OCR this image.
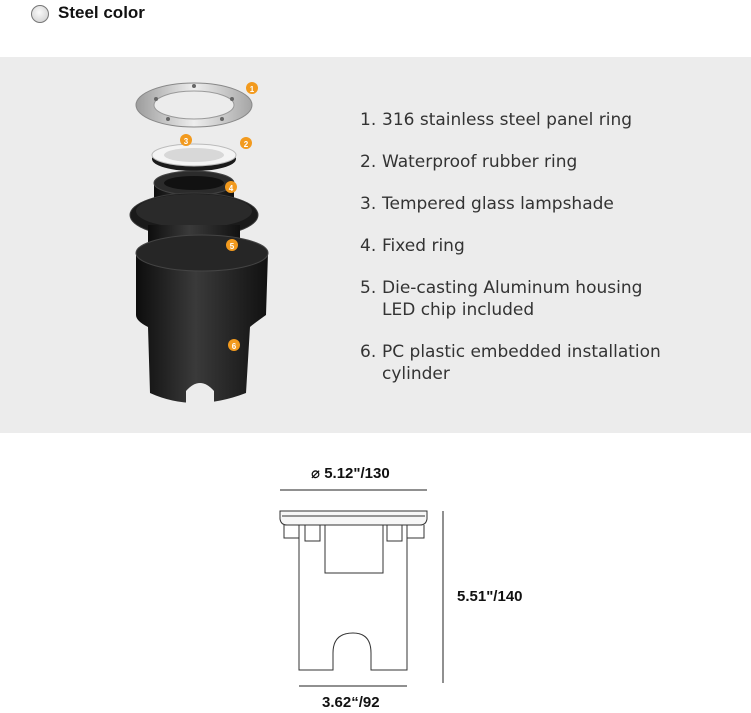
Steel color
1
3	2
4
5
6
1. 316 stainless steel panel ring
2. Waterproof rubber ring
3. Tempered glass lampshade
4. Fixed ring
5. Die-casting Aluminum housing
LED chip included
6. PC plastic embedded installation
cylinder
⌀ 5.12"/130
5.51"/140
3.62“/92
